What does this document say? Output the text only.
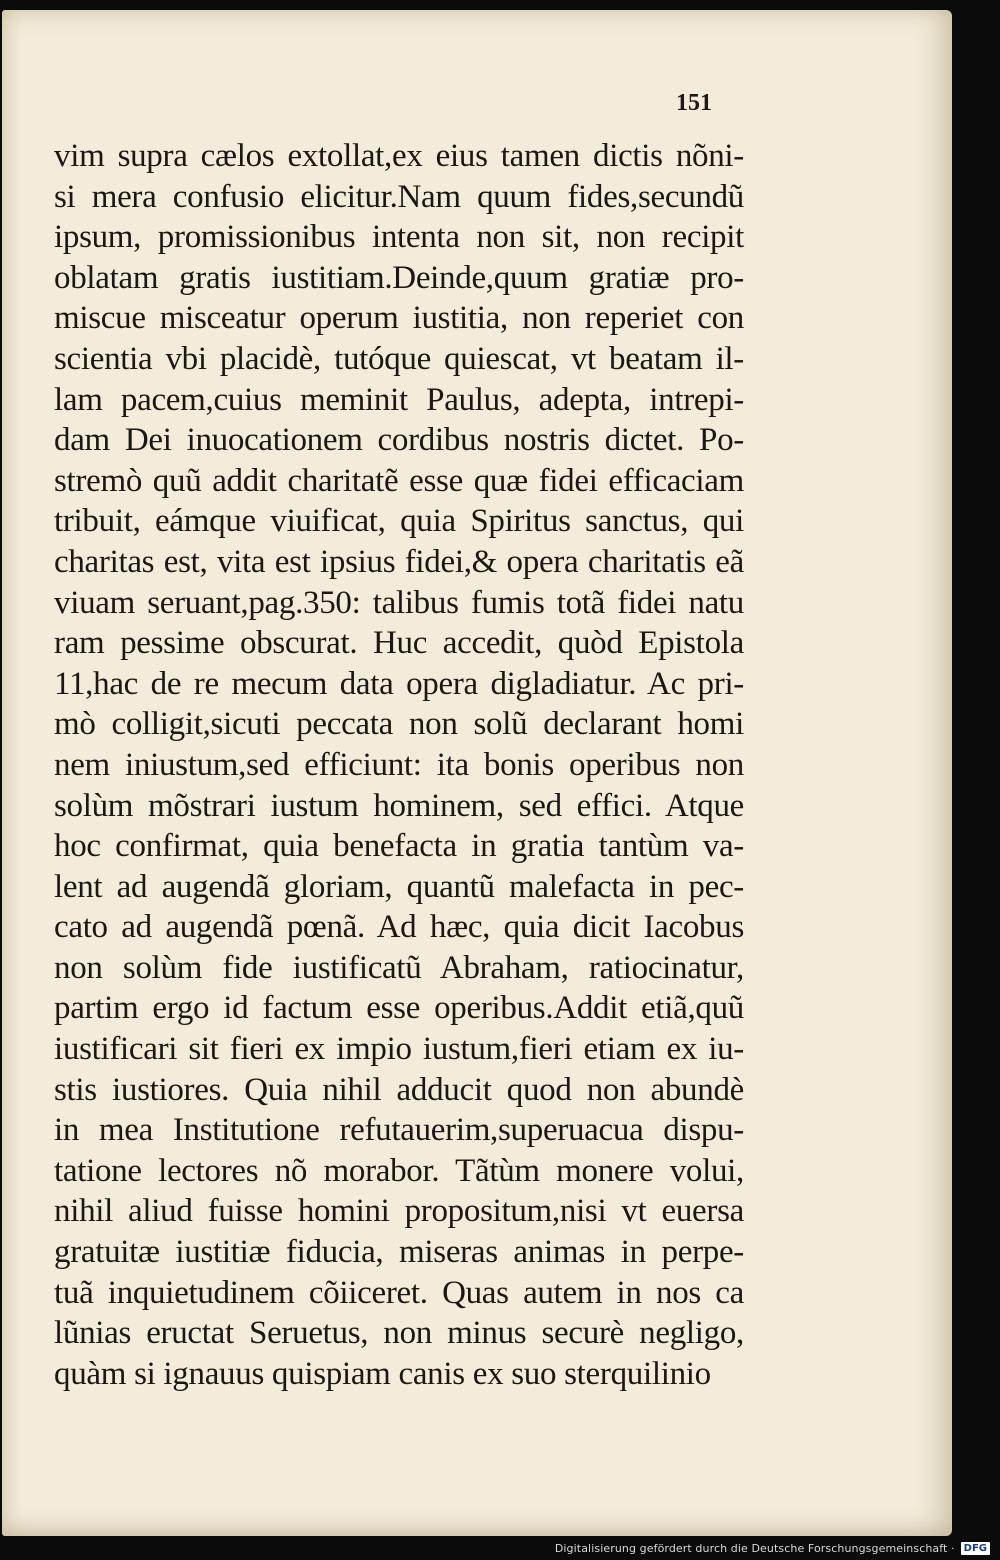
151
vim supra cælos extollat,ex eius tamen dictis nõni-
si mera confusio elicitur.Nam quum fides,secundũ
ipsum, promissionibus intenta non sit, non recipit
oblatam gratis iustitiam.Deinde,quum gratiæ pro-
miscue misceatur operum iustitia, non reperiet con
scientia vbi placidè, tutóque quiescat, vt beatam il-
lam pacem,cuius meminit Paulus, adepta, intrepi-
dam Dei inuocationem cordibus nostris dictet. Po-
stremò quũ addit charitatẽ esse quæ fidei efficaciam
tribuit, eámque viuificat, quia Spiritus sanctus, qui
charitas est, vita est ipsius fidei,& opera charitatis eã
viuam seruant,pag.350: talibus fumis totã fidei natu
ram pessime obscurat. Huc accedit, quòd Epistola
11,hac de re mecum data opera digladiatur. Ac pri-
mò colligit,sicuti peccata non solũ declarant homi
nem iniustum,sed efficiunt: ita bonis operibus non
solùm mõstrari iustum hominem, sed effici. Atque
hoc confirmat, quia benefacta in gratia tantùm va-
lent ad augendã gloriam, quantũ malefacta in pec-
cato ad augendã pœnã. Ad hæc, quia dicit Iacobus
non solùm fide iustificatũ Abraham, ratiocinatur,
partim ergo id factum esse operibus.Addit etiã,quũ
iustificari sit fieri ex impio iustum,fieri etiam ex iu-
stis iustiores. Quia nihil adducit quod non abundè
in mea Institutione refutauerim,superuacua dispu-
tatione lectores nõ morabor. Tãtùm monere volui,
nihil aliud fuisse homini propositum,nisi vt euersa
gratuitæ iustitiæ fiducia, miseras animas in perpe-
tuã inquietudinem cõiiceret. Quas autem in nos ca
lũnias eructat Seruetus, non minus securè negligo,
quàm si ignauus quispiam canis ex suo sterquilinio
Digitalisierung gefördert durch die Deutsche Forschungsgemeinschaft · DFG
